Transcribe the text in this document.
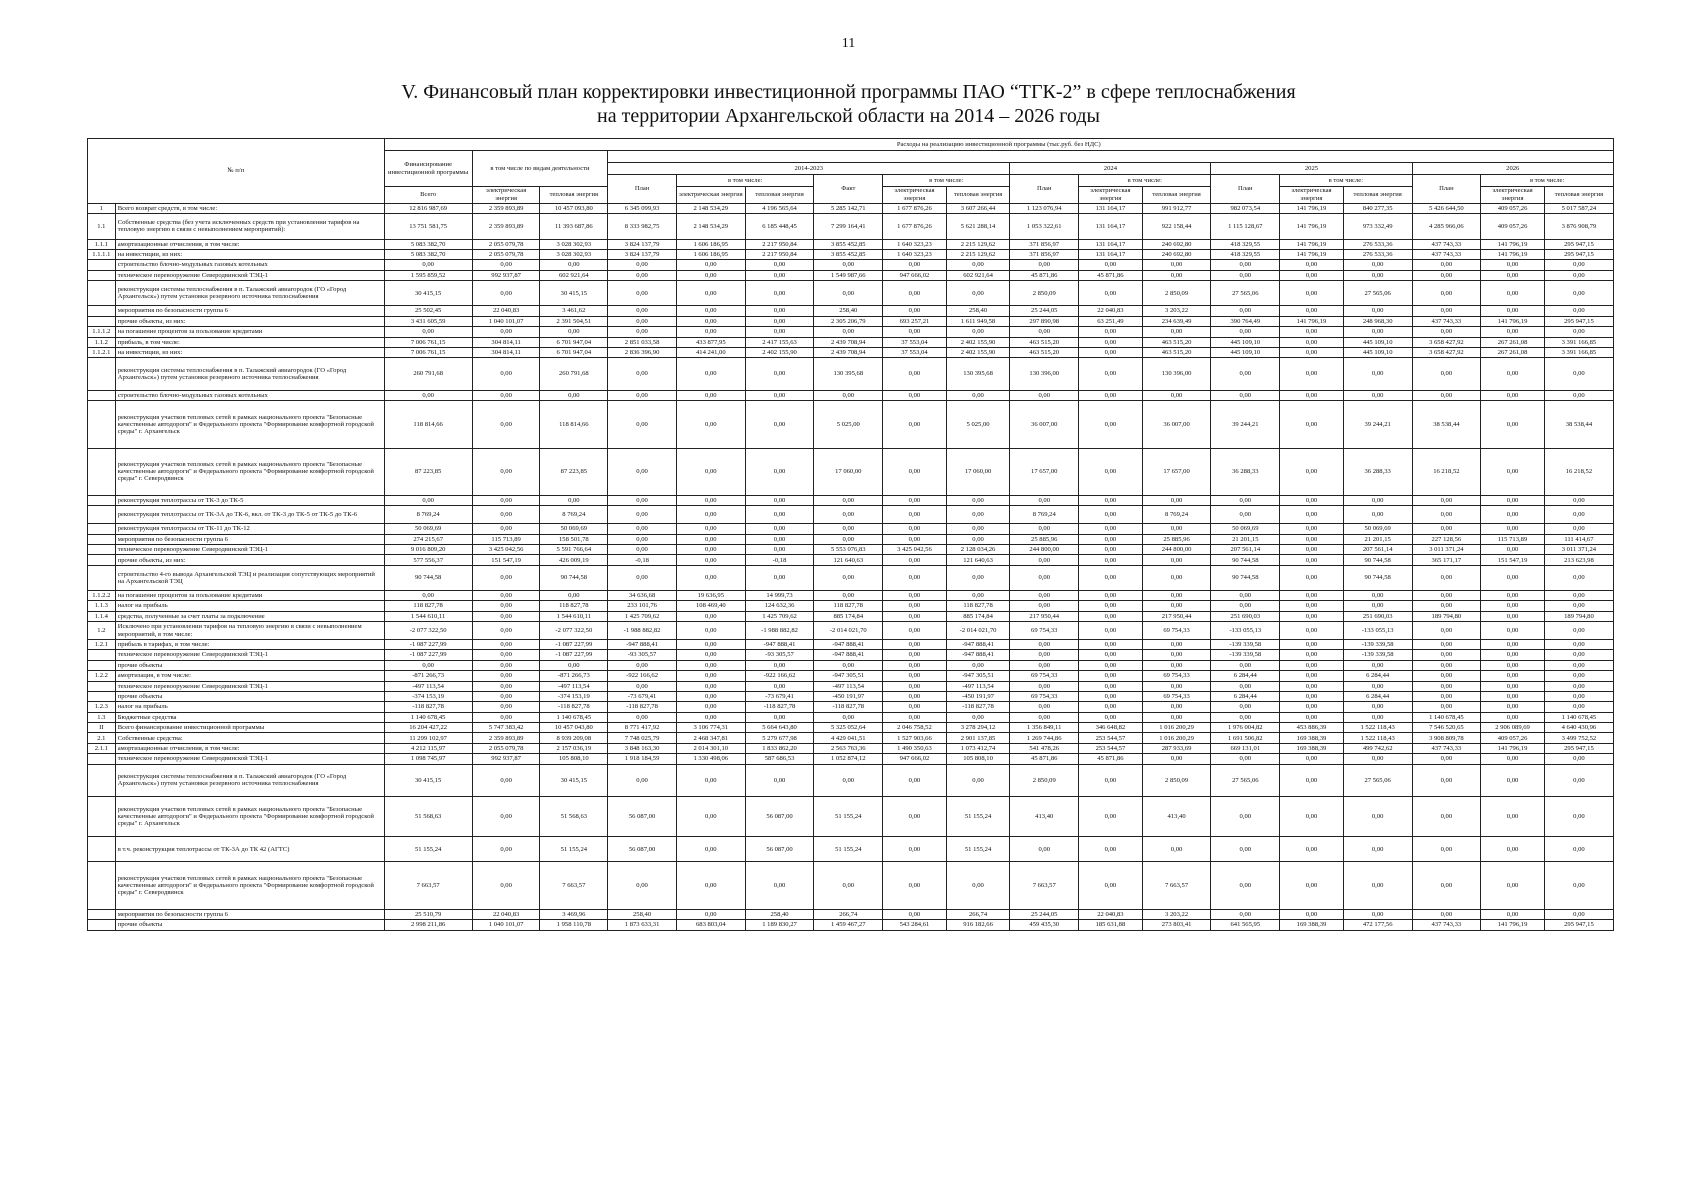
11
V. Финансовый план корректировки инвестиционной программы ПАО “ТГК-2” в сфере теплоснабжения
на территории Архангельской области на 2014 – 2026 годы
№ п/п		Расходы на реализацию инвестиционной программы (тыс.руб. без НДС)																	
		Финансирование инвестиционной программы	в том числе по видам деятельности																
					2014-2023						2024			2025			2026		
					План	в том числе:		Факт	в том числе:		План	в том числе:		План	в том числе:		План	в том числе:	
		Всего	электрическая энергия	тепловая энергия		электрическая энергия	тепловая энергия		электрическая энергия	тепловая энергия		электрическая энергия	тепловая энергия		электрическая энергия	тепловая энергия		электрическая энергия	тепловая энергия
1	Всего возврат средств, в том числе:	12 816 987,69	2 359 893,89	10 457 093,80	6 345 099,93	2 148 534,29	4 196 565,64	5 285 142,71	1 677 876,26	3 607 266,44	1 123 076,94	131 164,17	991 912,77	982 073,54	141 796,19	840 277,35	5 426 644,50	409 057,26	5 017 587,24
1.1	Собственные средства (без учета исключенных средств при установлении тарифов на тепловую энергию в связи с невыполнением мероприятий):	13 751 581,75	2 359 893,89	11 393 687,86	8 333 982,75	2 148 534,29	6 185 448,45	7 299 164,41	1 677 876,26	5 621 288,14	1 053 322,61	131 164,17	922 158,44	1 115 128,67	141 796,19	973 332,49	4 285 966,06	409 057,26	3 876 908,79
1.1.1	амортизационные отчисления, в том числе:	5 083 382,70	2 055 079,78	3 028 302,93	3 824 137,79	1 606 186,95	2 217 950,84	3 855 452,85	1 640 323,23	2 215 129,62	371 856,97	131 164,17	240 692,80	418 329,55	141 796,19	276 533,36	437 743,33	141 796,19	295 947,15
1.1.1.1	на инвестиции, из них:	5 083 382,70	2 055 079,78	3 028 302,93	3 824 137,79	1 606 186,95	2 217 950,84	3 855 452,85	1 640 323,23	2 215 129,62	371 856,97	131 164,17	240 692,80	418 329,55	141 796,19	276 533,36	437 743,33	141 796,19	295 947,15
	строительство блочно-модульных газовых котельных	0,00	0,00	0,00	0,00	0,00	0,00	0,00	0,00	0,00	0,00	0,00	0,00	0,00	0,00	0,00	0,00	0,00	0,00
	техническое перевооружение Северодвинской ТЭЦ-1	1 595 859,52	992 937,87	602 921,64	0,00	0,00	0,00	1 549 987,66	947 666,02	602 921,64	45 871,86	45 871,86	0,00	0,00	0,00	0,00	0,00	0,00	0,00
	реконструкция системы теплоснабжения в п. Талажский авиагородок (ГО «Город Архангельск») путем установки резервного источника теплоснабжения	30 415,15	0,00	30 415,15	0,00	0,00	0,00	0,00	0,00	0,00	2 850,09	0,00	2 850,09	27 565,06	0,00	27 565,06	0,00	0,00	0,00
	мероприятия по безопасности группа 6	25 502,45	22 040,83	3 461,62	0,00	0,00	0,00	258,40	0,00	258,40	25 244,05	22 040,83	3 203,22	0,00	0,00	0,00	0,00	0,00	0,00
	прочие объекты, из них:	3 431 605,59	1 040 101,07	2 391 504,51	0,00	0,00	0,00	2 305 206,79	693 257,21	1 611 949,58	297 890,98	63 251,49	234 639,49	390 764,49	141 796,19	248 968,30	437 743,33	141 796,19	295 947,15
1.1.1.2	на погашение процентов за пользование кредитами	0,00	0,00	0,00	0,00	0,00	0,00	0,00	0,00	0,00	0,00	0,00	0,00	0,00	0,00	0,00	0,00	0,00	0,00
1.1.2	прибыль, в том числе:	7 006 761,15	304 814,11	6 701 947,04	2 851 033,58	433 877,95	2 417 155,63	2 439 708,94	37 553,04	2 402 155,90	463 515,20	0,00	463 515,20	445 109,10	0,00	445 109,10	3 658 427,92	267 261,08	3 391 166,85
1.1.2.1	на инвестиции, из них:	7 006 761,15	304 814,11	6 701 947,04	2 836 396,90	414 241,00	2 402 155,90	2 439 708,94	37 553,04	2 402 155,90	463 515,20	0,00	463 515,20	445 109,10	0,00	445 109,10	3 658 427,92	267 261,08	3 391 166,85
	реконструкция системы теплоснабжения в п. Талажский авиагородок (ГО «Город Архангельск») путем установки резервного источника теплоснабжения	260 791,68	0,00	260 791,68	0,00	0,00	0,00	130 395,68	0,00	130 395,68	130 396,00	0,00	130 396,00	0,00	0,00	0,00	0,00	0,00	0,00
	строительство блочно-модульных газовых котельных	0,00	0,00	0,00	0,00	0,00	0,00	0,00	0,00	0,00	0,00	0,00	0,00	0,00	0,00	0,00	0,00	0,00	0,00
	реконструкция участков тепловых сетей в рамках национального проекта "Безопасные качественные автодороги" и Федерального проекта "Формирование комфортной городской среды" г. Архангельск	118 814,66	0,00	118 814,66	0,00	0,00	0,00	5 025,00	0,00	5 025,00	36 007,00	0,00	36 007,00	39 244,21	0,00	39 244,21	38 538,44	0,00	38 538,44
	реконструкция участков тепловых сетей в рамках национального проекта "Безопасные качественные автодороги" и Федерального проекта "Формирование комфортной городской среды" г. Северодвинск	87 223,85	0,00	87 223,85	0,00	0,00	0,00	17 060,00	0,00	17 060,00	17 657,00	0,00	17 657,00	36 288,33	0,00	36 288,33	16 218,52	0,00	16 218,52
	реконструкция теплотрассы от ТК-3 до ТК-5	0,00	0,00	0,00	0,00	0,00	0,00	0,00	0,00	0,00	0,00	0,00	0,00	0,00	0,00	0,00	0,00	0,00	0,00
	реконструкция теплотрассы от ТК-3А до ТК-6, вкл. от ТК-3 до ТК-5 от ТК-5 до ТК-6	8 769,24	0,00	8 769,24	0,00	0,00	0,00	0,00	0,00	0,00	8 769,24	0,00	8 769,24	0,00	0,00	0,00	0,00	0,00	0,00
	реконструкция теплотрассы от ТК-11 до ТК-12	50 069,69	0,00	50 069,69	0,00	0,00	0,00	0,00	0,00	0,00	0,00	0,00	0,00	50 069,69	0,00	50 069,69	0,00	0,00	0,00
	мероприятия по безопасности группа 6	274 215,67	115 713,89	158 501,78	0,00	0,00	0,00	0,00	0,00	0,00	25 885,96	0,00	25 885,96	21 201,15	0,00	21 201,15	227 128,56	115 713,89	111 414,67
	техническое перевооружение Северодвинской ТЭЦ-1	9 016 809,20	3 425 042,56	5 591 766,64	0,00	0,00	0,00	5 553 076,83	3 425 042,56	2 128 034,26	244 800,00	0,00	244 800,00	207 561,14	0,00	207 561,14	3 011 371,24	0,00	3 011 371,24
	прочие объекты, из них:	577 556,37	151 547,19	426 009,19	-0,18	0,00	-0,18	121 640,63	0,00	121 640,63	0,00	0,00	0,00	90 744,58	0,00	90 744,58	365 171,17	151 547,19	213 623,98
	строительство 4-го вывода Архангельской ТЭЦ и реализация сопутствующих мероприятий на Архангельской ТЭЦ	90 744,58	0,00	90 744,58	0,00	0,00	0,00	0,00	0,00	0,00	0,00	0,00	0,00	90 744,58	0,00	90 744,58	0,00	0,00	0,00
1.1.2.2	на погашение процентов за пользование кредитами	0,00	0,00	0,00	34 636,68	19 636,95	14 999,73	0,00	0,00	0,00	0,00	0,00	0,00	0,00	0,00	0,00	0,00	0,00	0,00
1.1.3	налог на прибыль	118 827,78	0,00	118 827,78	233 101,76	108 469,40	124 632,36	118 827,78	0,00	118 827,78	0,00	0,00	0,00	0,00	0,00	0,00	0,00	0,00	0,00
1.1.4	средства, полученные за счет платы за подключение	1 544 610,11	0,00	1 544 610,11	1 425 709,62	0,00	1 425 709,62	885 174,84	0,00	885 174,84	217 950,44	0,00	217 950,44	251 690,03	0,00	251 690,03	189 794,80	0,00	189 794,80
1.2	Исключено при установлении тарифов на тепловую энергию в связи с невыполнением мероприятий, в том числе:	-2 077 322,50	0,00	-2 077 322,50	-1 988 882,82	0,00	-1 988 882,82	-2 014 021,70	0,00	-2 014 021,70	69 754,33	0,00	69 754,33	-133 055,13	0,00	-133 055,13	0,00	0,00	0,00
1.2.1	прибыль в тарифах, в том числе:	-1 087 227,99	0,00	-1 087 227,99	-947 888,41	0,00	-947 888,41	-947 888,41	0,00	-947 888,41	0,00	0,00	0,00	-139 339,58	0,00	-139 339,58	0,00	0,00	0,00
	техническое перевооружение Северодвинской ТЭЦ-1	-1 087 227,99	0,00	-1 087 227,99	-93 305,57	0,00	-93 305,57	-947 888,41	0,00	-947 888,41	0,00	0,00	0,00	-139 339,58	0,00	-139 339,58	0,00	0,00	0,00
	прочие объекты	0,00	0,00	0,00	0,00	0,00	0,00	0,00	0,00	0,00	0,00	0,00	0,00	0,00	0,00	0,00	0,00	0,00	0,00
1.2.2	амортизация, в том числе:	-871 266,73	0,00	-871 266,73	-922 166,62	0,00	-922 166,62	-947 305,51	0,00	-947 305,51	69 754,33	0,00	69 754,33	6 284,44	0,00	6 284,44	0,00	0,00	0,00
	техническое перевооружение Северодвинской ТЭЦ-1	-497 113,54	0,00	-497 113,54	0,00	0,00	0,00	-497 113,54	0,00	-497 113,54	0,00	0,00	0,00	0,00	0,00	0,00	0,00	0,00	0,00
	прочие объекты	-374 153,19	0,00	-374 153,19	-73 679,41	0,00	-73 679,41	-450 191,97	0,00	-450 191,97	69 754,33	0,00	69 754,33	6 284,44	0,00	6 284,44	0,00	0,00	0,00
1.2.3	налог на прибыль	-118 827,78	0,00	-118 827,78	-118 827,78	0,00	-118 827,78	-118 827,78	0,00	-118 827,78	0,00	0,00	0,00	0,00	0,00	0,00	0,00	0,00	0,00
1.3	Бюджетные средства	1 140 678,45	0,00	1 140 678,45	0,00	0,00	0,00	0,00	0,00	0,00	0,00	0,00	0,00	0,00	0,00	0,00	1 140 678,45	0,00	1 140 678,45
II	Всего финансирование инвестиционной программы	16 204 427,22	5 747 383,42	10 457 043,80	8 771 417,92	3 106 774,31	5 664 643,80	5 325 052,64	2 046 758,52	3 278 294,12	1 356 849,11	346 648,82	1 016 200,29	1 976 004,82	453 886,39	1 522 118,43	7 546 520,65	2 906 089,69	4 640 430,96
2.1	Собственные средства:	11 299 102,97	2 359 893,89	8 939 209,08	7 748 025,79	2 468 347,81	5 279 677,98	4 429 041,51	1 527 903,66	2 901 137,85	1 269 744,86	253 544,57	1 016 200,29	1 691 506,82	169 388,39	1 522 118,43	3 908 809,78	409 057,26	3 499 752,52
2.1.1	амортизационные отчисления, в том числе:	4 212 115,97	2 055 079,78	2 157 036,19	3 848 163,30	2 014 301,10	1 833 862,20	2 563 763,36	1 490 350,63	1 073 412,74	541 478,26	253 544,57	287 933,69	669 131,01	169 388,39	499 742,62	437 743,33	141 796,19	295 947,15
	техническое перевооружение Северодвинской ТЭЦ-1	1 098 745,97	992 937,87	105 808,10	1 918 184,59	1 330 498,06	587 686,53	1 052 874,12	947 666,02	105 808,10	45 871,86	45 871,86	0,00	0,00	0,00	0,00	0,00	0,00	0,00
	реконструкция системы теплоснабжения в п. Талажский авиагородок (ГО «Город Архангельск») путем установки резервного источника теплоснабжения	30 415,15	0,00	30 415,15	0,00	0,00	0,00	0,00	0,00	0,00	2 850,09	0,00	2 850,09	27 565,06	0,00	27 565,06	0,00	0,00	0,00
	реконструкция участков тепловых сетей в рамках национального проекта "Безопасные качественные автодороги" и Федерального проекта "Формирование комфортной городской среды" г. Архангельск	51 568,63	0,00	51 568,63	56 087,00	0,00	56 087,00	51 155,24	0,00	51 155,24	413,40	0,00	413,40	0,00	0,00	0,00	0,00	0,00	0,00
	в т.ч. реконструкция теплотрассы от ТК-3А до ТК 42 (АГТС)	51 155,24	0,00	51 155,24	56 087,00	0,00	56 087,00	51 155,24	0,00	51 155,24	0,00	0,00	0,00	0,00	0,00	0,00	0,00	0,00	0,00
	реконструкция участков тепловых сетей в рамках национального проекта "Безопасные качественные автодороги" и Федерального проекта "Формирование комфортной городской среды" г. Северодвинск	7 663,57	0,00	7 663,57	0,00	0,00	0,00	0,00	0,00	0,00	7 663,57	0,00	7 663,57	0,00	0,00	0,00	0,00	0,00	0,00
	мероприятия по безопасности группа 6	25 510,79	22 040,83	3 469,96	258,40	0,00	258,40	266,74	0,00	266,74	25 244,05	22 040,83	3 203,22	0,00	0,00	0,00	0,00	0,00	0,00
	прочие объекты	2 998 211,86	1 040 101,07	1 958 110,78	1 873 633,31	683 803,04	1 189 830,27	1 459 467,27	543 284,61	916 182,66	459 435,30	185 631,88	273 803,41	641 565,95	169 388,39	472 177,56	437 743,33	141 796,19	295 947,15
